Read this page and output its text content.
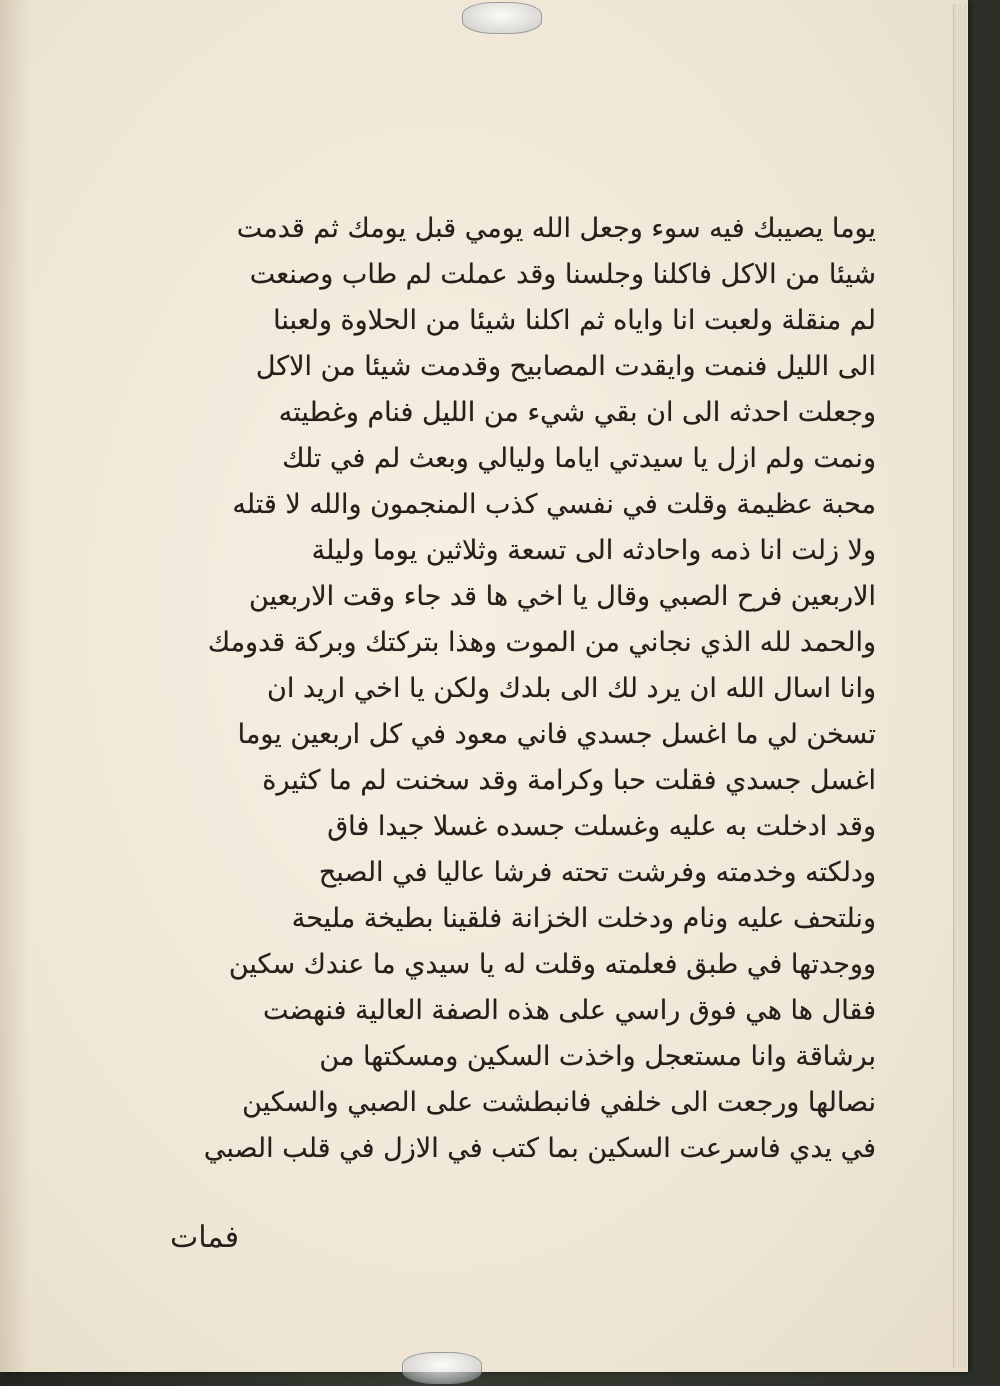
يوما يصيبك فيه سوء وجعل الله يومي قبل يومك ثم قدمت
شيئا من الاكل فاكلنا وجلسنا وقد عملت لم طاب وصنعت
لم منقلة ولعبت انا واياه ثم اكلنا شيئا من الحلاوة ولعبنا
الى الليل فنمت وايقدت المصابيح وقدمت شيئا من الاكل
وجعلت احدثه الى ان بقي شيء من الليل فنام وغطيته
ونمت ولم ازل يا سيدتي اياما وليالي وبعث لم في تلك
محبة عظيمة وقلت في نفسي كذب المنجمون والله لا قتله
ولا زلت انا ذمه واحادثه الى تسعة وثلاثين يوما وليلة
الاربعين فرح الصبي وقال يا اخي ها قد جاء وقت الاربعين
والحمد لله الذي نجاني من الموت وهذا بتركتك وبركة قدومك
وانا اسال الله ان يرد لك الى بلدك ولكن يا اخي اريد ان
تسخن لي ما اغسل جسدي فاني معود في كل اربعين يوما
اغسل جسدي فقلت حبا وكرامة وقد سخنت لم ما كثيرة
وقد ادخلت به عليه وغسلت جسده غسلا جيدا فاق
ودلكته وخدمته وفرشت تحته فرشا عاليا في الصبح
ونلتحف عليه ونام ودخلت الخزانة فلقينا بطيخة مليحة
ووجدتها في طبق فعلمته وقلت له يا سيدي ما عندك سكين
فقال ها هي فوق راسي على هذه الصفة العالية فنهضت
برشاقة وانا مستعجل واخذت السكين ومسكتها من
نصالها ورجعت الى خلفي فانبطشت على الصبي والسكين
في يدي فاسرعت السكين بما كتب في الازل في قلب الصبي
فمات
